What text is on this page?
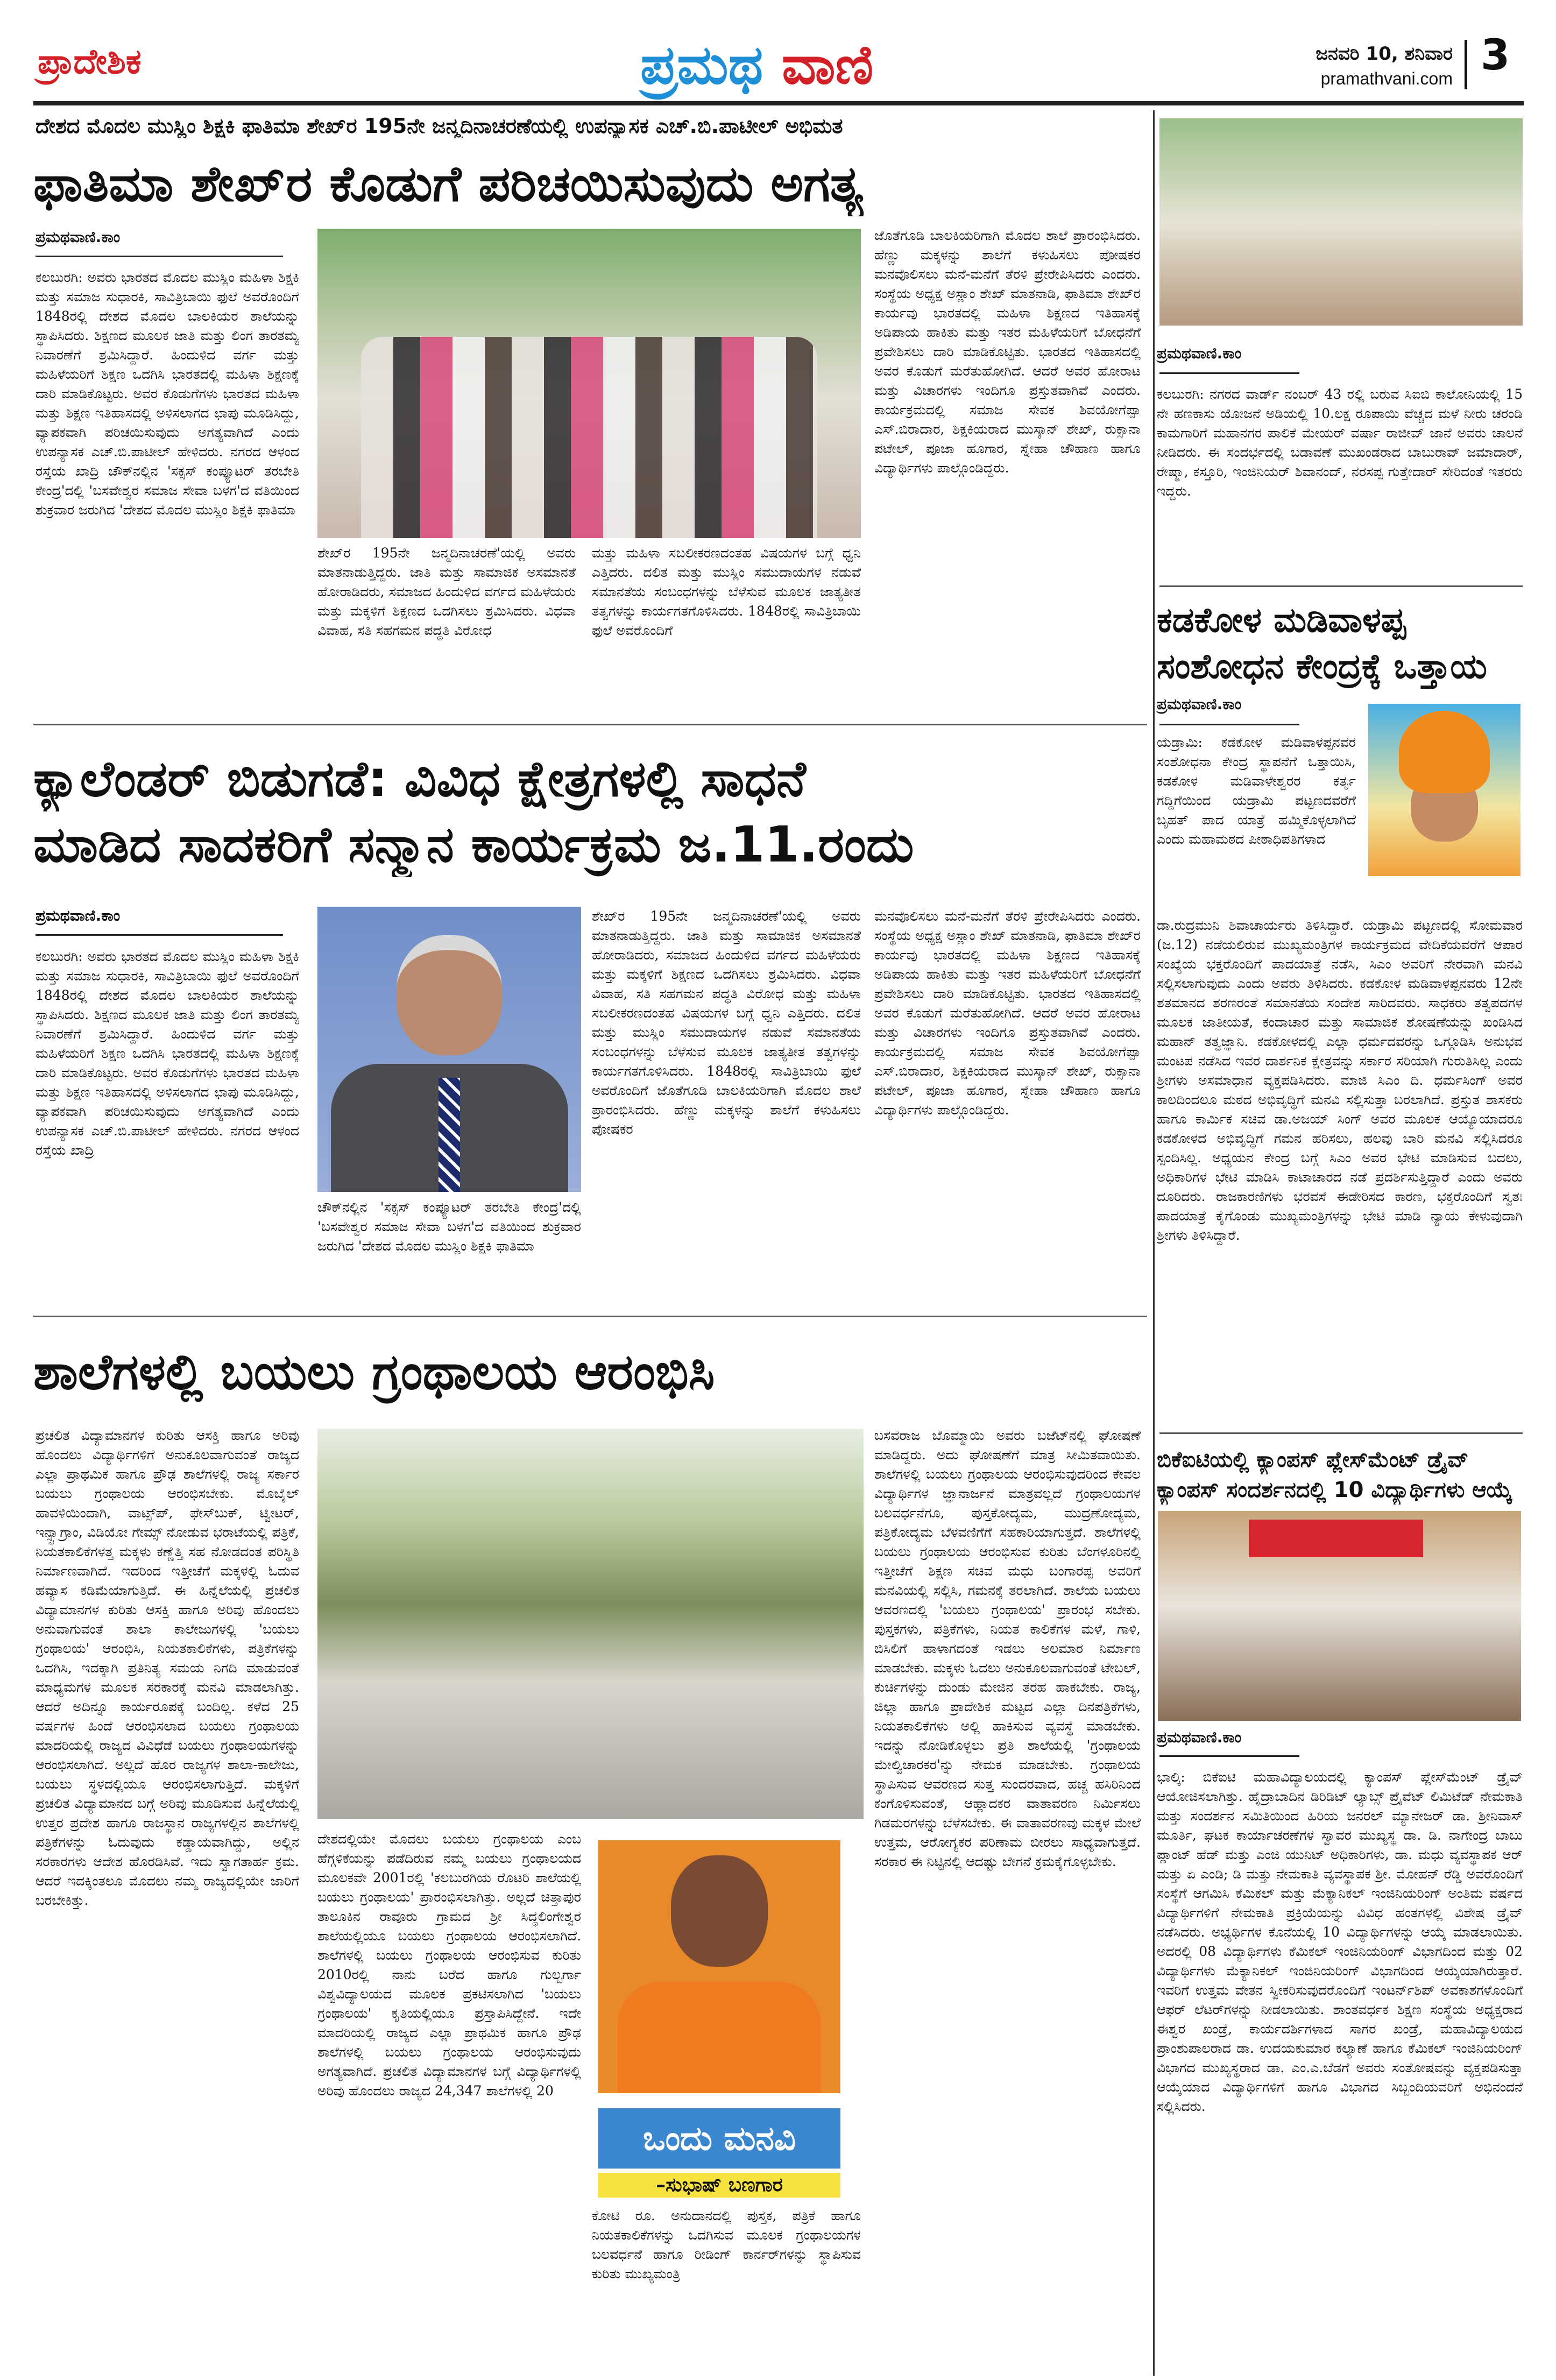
ಪ್ರಾದೇಶಿಕ	ಪ್ರಮಥ ವಾಣಿ	ಜನವರಿ 10, ಶನಿವಾರ
pramathvani.com 3
ದೇಶದ ಮೊದಲ ಮುಸ್ಲಿಂ ಶಿಕ್ಷಕಿ ಫಾತಿಮಾ ಶೇಖ್‌ರ 195ನೇ ಜನ್ಮದಿನಾಚರಣೆಯಲ್ಲಿ ಉಪನ್ಯಾಸಕ ಎಚ್.ಬಿ.ಪಾಟೀಲ್ ಅಭಿಮತ
ಫಾತಿಮಾ ಶೇಖ್‌ರ ಕೊಡುಗೆ ಪರಿಚಯಿಸುವುದು ಅಗತ್ಯ
ಪ್ರಮಥವಾಣಿ.ಕಾಂ
ಕಲಬುರಗಿ: ಅವರು ಭಾರತದ ಮೊದಲ ಮುಸ್ಲಿಂ ಮಹಿಳಾ ಶಿಕ್ಷಕಿ ಮತ್ತು ಸಮಾಜ ಸುಧಾರಕಿ, ಸಾವಿತ್ರಿಬಾಯಿ ಫುಲೆ ಅವರೊಂದಿಗೆ 1848ರಲ್ಲಿ ದೇಶದ ಮೊದಲ ಬಾಲಕಿಯರ ಶಾಲೆಯನ್ನು ಸ್ಥಾಪಿಸಿದರು. ಶಿಕ್ಷಣದ ಮೂಲಕ ಜಾತಿ ಮತ್ತು ಲಿಂಗ ತಾರತಮ್ಯ ನಿವಾರಣೆಗೆ ಶ್ರಮಿಸಿದ್ದಾರೆ. ಹಿಂದುಳಿದ ವರ್ಗ ಮತ್ತು ಮಹಿಳೆಯರಿಗೆ ಶಿಕ್ಷಣ ಒದಗಿಸಿ ಭಾರತದಲ್ಲಿ ಮಹಿಳಾ ಶಿಕ್ಷಣಕ್ಕೆ ದಾರಿ ಮಾಡಿಕೊಟ್ಟರು. ಅವರ ಕೊಡುಗೆಗಳು ಭಾರತದ ಮಹಿಳಾ ಮತ್ತು ಶಿಕ್ಷಣ ಇತಿಹಾಸದಲ್ಲಿ ಅಳಿಸಲಾಗದ ಛಾಪು ಮೂಡಿಸಿದ್ದು, ವ್ಯಾಪಕವಾಗಿ ಪರಿಚಯಿಸುವುದು ಅಗತ್ಯವಾಗಿದೆ ಎಂದು ಉಪನ್ಯಾಸಕ ಎಚ್.ಬಿ.ಪಾಟೀಲ್ ಹೇಳಿದರು. ನಗರದ ಆಳಂದ ರಸ್ತೆಯ ಖಾದ್ರಿ ಚೌಕ್‌ನಲ್ಲಿನ 'ಸಕ್ಸಸ್ ಕಂಪ್ಯೂಟರ್ ತರಬೇತಿ ಕೇಂದ್ರ'ದಲ್ಲಿ 'ಬಸವೇಶ್ವರ ಸಮಾಜ ಸೇವಾ ಬಳಗ'ದ ವತಿಯಿಂದ ಶುಕ್ರವಾರ ಜರುಗಿದ 'ದೇಶದ ಮೊದಲ ಮುಸ್ಲಿಂ ಶಿಕ್ಷಕಿ ಫಾತಿಮಾ
ಶೇಖ್‌ರ 195ನೇ ಜನ್ಮದಿನಾಚರಣೆ'ಯಲ್ಲಿ ಅವರು ಮಾತನಾಡುತ್ತಿದ್ದರು. ಜಾತಿ ಮತ್ತು ಸಾಮಾಜಿಕ ಅಸಮಾನತೆ ಹೋರಾಡಿದರು, ಸಮಾಜದ ಹಿಂದುಳಿದ ವರ್ಗದ ಮಹಿಳೆಯರು ಮತ್ತು ಮಕ್ಕಳಿಗೆ ಶಿಕ್ಷಣದ ಒದಗಿಸಲು ಶ್ರಮಿಸಿದರು. ವಿಧವಾ ವಿವಾಹ, ಸತಿ ಸಹಗಮನ ಪದ್ಧತಿ ವಿರೋಧ
ಮತ್ತು ಮಹಿಳಾ ಸಬಲೀಕರಣದಂತಹ ವಿಷಯಗಳ ಬಗ್ಗೆ ಧ್ವನಿ ಎತ್ತಿದರು. ದಲಿತ ಮತ್ತು ಮುಸ್ಲಿಂ ಸಮುದಾಯಗಳ ನಡುವೆ ಸಮಾನತೆಯ ಸಂಬಂಧಗಳನ್ನು ಬೆಳೆಸುವ ಮೂಲಕ ಜಾತ್ಯತೀತ ತತ್ವಗಳನ್ನು ಕಾರ್ಯಗತಗೊಳಿಸಿದರು. 1848ರಲ್ಲಿ ಸಾವಿತ್ರಿಬಾಯಿ ಫುಲೆ ಅವರೊಂದಿಗೆ
ಜೊತೆಗೂಡಿ ಬಾಲಕಿಯರಿಗಾಗಿ ಮೊದಲ ಶಾಲೆ ಪ್ರಾರಂಭಿಸಿದರು. ಹೆಣ್ಣು ಮಕ್ಕಳನ್ನು ಶಾಲೆಗೆ ಕಳುಹಿಸಲು ಪೋಷಕರ ಮನವೊಲಿಸಲು ಮನೆ-ಮನೆಗೆ ತೆರಳಿ ಪ್ರೇರೇಪಿಸಿದರು ಎಂದರು. ಸಂಸ್ಥೆಯ ಅಧ್ಯಕ್ಷ ಅಸ್ಲಾಂ ಶೇಖ್ ಮಾತನಾಡಿ, ಫಾತಿಮಾ ಶೇಖ್‌ರ ಕಾರ್ಯವು ಭಾರತದಲ್ಲಿ ಮಹಿಳಾ ಶಿಕ್ಷಣದ ಇತಿಹಾಸಕ್ಕೆ ಅಡಿಪಾಯ ಹಾಕಿತು ಮತ್ತು ಇತರ ಮಹಿಳೆಯರಿಗೆ ಬೋಧನೆಗೆ ಪ್ರವೇಶಿಸಲು ದಾರಿ ಮಾಡಿಕೊಟ್ಟಿತು. ಭಾರತದ ಇತಿಹಾಸದಲ್ಲಿ ಅವರ ಕೊಡುಗೆ ಮರೆತುಹೋಗಿದೆ. ಆದರೆ ಅವರ ಹೋರಾಟ ಮತ್ತು ವಿಚಾರಗಳು ಇಂದಿಗೂ ಪ್ರಸ್ತುತವಾಗಿವೆ ಎಂದರು. ಕಾರ್ಯಕ್ರಮದಲ್ಲಿ ಸಮಾಜ ಸೇವಕ ಶಿವಯೋಗೆಪ್ಪಾ ಎಸ್.ಬಿರಾದಾರ, ಶಿಕ್ಷಕಿಯರಾದ ಮುಸ್ಕಾನ್ ಶೇಖ್, ರುಕ್ಸಾನಾ ಪಟೇಲ್, ಪೂಜಾ ಹೂಗಾರ, ಸ್ನೇಹಾ ಚೌಹಾಣ ಹಾಗೂ ವಿದ್ಯಾರ್ಥಿಗಳು ಪಾಲ್ಗೊಂಡಿದ್ದರು.
ಕ್ಯಾಲೆಂಡರ್ ಬಿಡುಗಡೆ: ವಿವಿಧ ಕ್ಷೇತ್ರಗಳಲ್ಲಿ ಸಾಧನೆ
ಮಾಡಿದ ಸಾದಕರಿಗೆ ಸನ್ಮಾನ ಕಾರ್ಯಕ್ರಮ ಜ.11.ರಂದು
ಪ್ರಮಥವಾಣಿ.ಕಾಂ
ಕಲಬುರಗಿ: ಅವರು ಭಾರತದ ಮೊದಲ ಮುಸ್ಲಿಂ ಮಹಿಳಾ ಶಿಕ್ಷಕಿ ಮತ್ತು ಸಮಾಜ ಸುಧಾರಕಿ, ಸಾವಿತ್ರಿಬಾಯಿ ಫುಲೆ ಅವರೊಂದಿಗೆ 1848ರಲ್ಲಿ ದೇಶದ ಮೊದಲ ಬಾಲಕಿಯರ ಶಾಲೆಯನ್ನು ಸ್ಥಾಪಿಸಿದರು. ಶಿಕ್ಷಣದ ಮೂಲಕ ಜಾತಿ ಮತ್ತು ಲಿಂಗ ತಾರತಮ್ಯ ನಿವಾರಣೆಗೆ ಶ್ರಮಿಸಿದ್ದಾರೆ. ಹಿಂದುಳಿದ ವರ್ಗ ಮತ್ತು ಮಹಿಳೆಯರಿಗೆ ಶಿಕ್ಷಣ ಒದಗಿಸಿ ಭಾರತದಲ್ಲಿ ಮಹಿಳಾ ಶಿಕ್ಷಣಕ್ಕೆ ದಾರಿ ಮಾಡಿಕೊಟ್ಟರು. ಅವರ ಕೊಡುಗೆಗಳು ಭಾರತದ ಮಹಿಳಾ ಮತ್ತು ಶಿಕ್ಷಣ ಇತಿಹಾಸದಲ್ಲಿ ಅಳಿಸಲಾಗದ ಛಾಪು ಮೂಡಿಸಿದ್ದು, ವ್ಯಾಪಕವಾಗಿ ಪರಿಚಯಿಸುವುದು ಅಗತ್ಯವಾಗಿದೆ ಎಂದು ಉಪನ್ಯಾಸಕ ಎಚ್.ಬಿ.ಪಾಟೀಲ್ ಹೇಳಿದರು. ನಗರದ ಆಳಂದ ರಸ್ತೆಯ ಖಾದ್ರಿ
ಚೌಕ್‌ನಲ್ಲಿನ 'ಸಕ್ಸಸ್ ಕಂಪ್ಯೂಟರ್ ತರಬೇತಿ ಕೇಂದ್ರ'ದಲ್ಲಿ 'ಬಸವೇಶ್ವರ ಸಮಾಜ ಸೇವಾ ಬಳಗ'ದ ವತಿಯಿಂದ ಶುಕ್ರವಾರ ಜರುಗಿದ 'ದೇಶದ ಮೊದಲ ಮುಸ್ಲಿಂ ಶಿಕ್ಷಕಿ ಫಾತಿಮಾ
ಶೇಖ್‌ರ 195ನೇ ಜನ್ಮದಿನಾಚರಣೆ'ಯಲ್ಲಿ ಅವರು ಮಾತನಾಡುತ್ತಿದ್ದರು. ಜಾತಿ ಮತ್ತು ಸಾಮಾಜಿಕ ಅಸಮಾನತೆ ಹೋರಾಡಿದರು, ಸಮಾಜದ ಹಿಂದುಳಿದ ವರ್ಗದ ಮಹಿಳೆಯರು ಮತ್ತು ಮಕ್ಕಳಿಗೆ ಶಿಕ್ಷಣದ ಒದಗಿಸಲು ಶ್ರಮಿಸಿದರು. ವಿಧವಾ ವಿವಾಹ, ಸತಿ ಸಹಗಮನ ಪದ್ಧತಿ ವಿರೋಧ ಮತ್ತು ಮಹಿಳಾ ಸಬಲೀಕರಣದಂತಹ ವಿಷಯಗಳ ಬಗ್ಗೆ ಧ್ವನಿ ಎತ್ತಿದರು. ದಲಿತ ಮತ್ತು ಮುಸ್ಲಿಂ ಸಮುದಾಯಗಳ ನಡುವೆ ಸಮಾನತೆಯ ಸಂಬಂಧಗಳನ್ನು ಬೆಳೆಸುವ ಮೂಲಕ ಜಾತ್ಯತೀತ ತತ್ವಗಳನ್ನು ಕಾರ್ಯಗತಗೊಳಿಸಿದರು. 1848ರಲ್ಲಿ ಸಾವಿತ್ರಿಬಾಯಿ ಫುಲೆ ಅವರೊಂದಿಗೆ ಜೊತೆಗೂಡಿ ಬಾಲಕಿಯರಿಗಾಗಿ ಮೊದಲ ಶಾಲೆ ಪ್ರಾರಂಭಿಸಿದರು. ಹೆಣ್ಣು ಮಕ್ಕಳನ್ನು ಶಾಲೆಗೆ ಕಳುಹಿಸಲು ಪೋಷಕರ
ಮನವೊಲಿಸಲು ಮನೆ-ಮನೆಗೆ ತೆರಳಿ ಪ್ರೇರೇಪಿಸಿದರು ಎಂದರು. ಸಂಸ್ಥೆಯ ಅಧ್ಯಕ್ಷ ಅಸ್ಲಾಂ ಶೇಖ್ ಮಾತನಾಡಿ, ಫಾತಿಮಾ ಶೇಖ್‌ರ ಕಾರ್ಯವು ಭಾರತದಲ್ಲಿ ಮಹಿಳಾ ಶಿಕ್ಷಣದ ಇತಿಹಾಸಕ್ಕೆ ಅಡಿಪಾಯ ಹಾಕಿತು ಮತ್ತು ಇತರ ಮಹಿಳೆಯರಿಗೆ ಬೋಧನೆಗೆ ಪ್ರವೇಶಿಸಲು ದಾರಿ ಮಾಡಿಕೊಟ್ಟಿತು. ಭಾರತದ ಇತಿಹಾಸದಲ್ಲಿ ಅವರ ಕೊಡುಗೆ ಮರೆತುಹೋಗಿದೆ. ಆದರೆ ಅವರ ಹೋರಾಟ ಮತ್ತು ವಿಚಾರಗಳು ಇಂದಿಗೂ ಪ್ರಸ್ತುತವಾಗಿವೆ ಎಂದರು. ಕಾರ್ಯಕ್ರಮದಲ್ಲಿ ಸಮಾಜ ಸೇವಕ ಶಿವಯೋಗೆಪ್ಪಾ ಎಸ್.ಬಿರಾದಾರ, ಶಿಕ್ಷಕಿಯರಾದ ಮುಸ್ಕಾನ್ ಶೇಖ್, ರುಕ್ಸಾನಾ ಪಟೇಲ್, ಪೂಜಾ ಹೂಗಾರ, ಸ್ನೇಹಾ ಚೌಹಾಣ ಹಾಗೂ ವಿದ್ಯಾರ್ಥಿಗಳು ಪಾಲ್ಗೊಂಡಿದ್ದರು.
ಶಾಲೆಗಳಲ್ಲಿ ಬಯಲು ಗ್ರಂಥಾಲಯ ಆರಂಭಿಸಿ
ಪ್ರಚಲಿತ ವಿದ್ಯಾಮಾನಗಳ ಕುರಿತು ಆಸಕ್ತಿ ಹಾಗೂ ಅರಿವು ಹೊಂದಲು ವಿದ್ಯಾರ್ಥಿಗಳಿಗೆ ಅನುಕೂಲವಾಗುವಂತೆ ರಾಜ್ಯದ ಎಲ್ಲಾ ಪ್ರಾಥಮಿಕ ಹಾಗೂ ಪ್ರೌಢ ಶಾಲೆಗಳಲ್ಲಿ ರಾಜ್ಯ ಸರ್ಕಾರ ಬಯಲು ಗ್ರಂಥಾಲಯ ಆರಂಭಿಸಬೇಕು. ಮೊಬೈಲ್ ಹಾವಳಿಯಿಂದಾಗಿ, ವಾಟ್ಸ್‌ಪ್, ಫೇಸ್‌ಬುಕ್, ಟ್ವೀಟರ್, ಇನ್ಸ್ಟಾಗ್ರಾಂ, ವಿಡಿಯೋ ಗೇಮ್ಸ್ ನೋಡುವ ಭರಾಟೆಯಲ್ಲಿ ಪತ್ರಿಕೆ, ನಿಯತಕಾಲಿಕೆಗಳತ್ತ ಮಕ್ಕಳು ಕಣ್ಣೆತ್ತಿ ಸಹ ನೋಡದಂತ ಪರಿಸ್ಥಿತಿ ನಿರ್ಮಾಣವಾಗಿದೆ. ಇದರಿಂದ ಇತ್ತೀಚೆಗೆ ಮಕ್ಕಳಲ್ಲಿ ಓದುವ ಹವ್ಯಾಸ ಕಡಿಮೆಯಾಗುತ್ತಿದೆ. ಈ ಹಿನ್ನೆಲೆಯಲ್ಲಿ ಪ್ರಚಲಿತ ವಿದ್ಯಾಮಾನಗಳ ಕುರಿತು ಆಸಕ್ತಿ ಹಾಗೂ ಅರಿವು ಹೊಂದಲು ಅನುವಾಗುವಂತೆ ಶಾಲಾ ಕಾಲೇಜುಗಳಲ್ಲಿ 'ಬಯಲು ಗ್ರಂಥಾಲಯ' ಆರಂಭಿಸಿ, ನಿಯತಕಾಲಿಕೆಗಳು, ಪತ್ರಿಕೆಗಳನ್ನು ಒದಗಿಸಿ, ಇದಕ್ಕಾಗಿ ಪ್ರತಿನಿತ್ಯ ಸಮಯ ನಿಗದಿ ಮಾಡುವಂತೆ ಮಾಧ್ಯಮಗಳ ಮೂಲಕ ಸರಕಾರಕ್ಕೆ ಮನವಿ ಮಾಡಲಾಗಿತ್ತು. ಆದರೆ ಅದಿನ್ನೂ ಕಾರ್ಯರೂಪಕ್ಕೆ ಬಂದಿಲ್ಲ. ಕಳೆದ 25 ವರ್ಷಗಳ ಹಿಂದೆ ಆರಂಭಿಸಲಾದ ಬಯಲು ಗ್ರಂಥಾಲಯ ಮಾದರಿಯಲ್ಲಿ ರಾಜ್ಯದ ವಿವಿಧೆಡೆ ಬಯಲು ಗ್ರಂಥಾಲಯಗಳನ್ನು ಆರಂಭಿಸಲಾಗಿದೆ. ಅಲ್ಲದೆ ಹೊರ ರಾಜ್ಯಗಳ ಶಾಲಾ-ಕಾಲೇಜು, ಬಯಲು ಸ್ಥಳದಲ್ಲಿಯೂ ಆರಂಭಿಸಲಾಗುತ್ತಿದೆ. ಮಕ್ಕಳಿಗೆ ಪ್ರಚಲಿತ ವಿದ್ಯಾಮಾನದ ಬಗ್ಗೆ ಅರಿವು ಮೂಡಿಸುವ ಹಿನ್ನೆಲೆಯಲ್ಲಿ ಉತ್ತರ ಪ್ರದೇಶ ಹಾಗೂ ರಾಜಸ್ಥಾನ ರಾಜ್ಯಗಳಲ್ಲಿನ ಶಾಲೆಗಳಲ್ಲಿ ಪತ್ರಿಕೆಗಳನ್ನು ಓದುವುದು ಕಡ್ಡಾಯವಾಗಿದ್ದು, ಅಲ್ಲಿನ ಸರಕಾರಗಳು ಆದೇಶ ಹೊರಡಿಸಿವೆ. ಇದು ಸ್ವಾಗತಾರ್ಹ ಕ್ರಮ. ಆದರೆ ಇದಕ್ಕಿಂತಲೂ ಮೊದಲು ನಮ್ಮ ರಾಜ್ಯದಲ್ಲಿಯೇ ಜಾರಿಗೆ ಬರಬೇಕಿತ್ತು.
ದೇಶದಲ್ಲಿಯೇ ಮೊದಲು ಬಯಲು ಗ್ರಂಥಾಲಯ ಎಂಬ ಹೆಗ್ಗಳಿಕೆಯನ್ನು ಪಡೆದಿರುವ ನಮ್ಮ ಬಯಲು ಗ್ರಂಥಾಲಯದ ಮೂಲಕವೇ 2001ರಲ್ಲಿ 'ಕಲಬುರಗಿಯ ರೊಟರಿ ಶಾಲೆಯಲ್ಲಿ ಬಯಲು ಗ್ರಂಥಾಲಯ' ಪ್ರಾರಂಭಿಸಲಾಗಿತ್ತು. ಅಲ್ಲದೆ ಚಿತ್ತಾಪುರ ತಾಲೂಕಿನ ರಾವೂರು ಗ್ರಾಮದ ಶ್ರೀ ಸಿದ್ಧಲಿಂಗೇಶ್ವರ ಶಾಲೆಯಲ್ಲಿಯೂ ಬಯಲು ಗ್ರಂಥಾಲಯ ಆರಂಭಿಸಲಾಗಿದೆ. ಶಾಲೆಗಳಲ್ಲಿ ಬಯಲು ಗ್ರಂಥಾಲಯ ಆರಂಭಿಸುವ ಕುರಿತು 2010ರಲ್ಲಿ ನಾನು ಬರೆದ ಹಾಗೂ ಗುಲ್ಬರ್ಗಾ ವಿಶ್ವವಿದ್ಯಾಲಯದ ಮೂಲಕ ಪ್ರಕಟಿಸಲಾಗಿದ 'ಬಯಲು ಗ್ರಂಥಾಲಯ' ಕೃತಿಯಲ್ಲಿಯೂ ಪ್ರಸ್ತಾಪಿಸಿದ್ದೇನೆ. ಇದೇ ಮಾದರಿಯಲ್ಲಿ ರಾಜ್ಯದ ಎಲ್ಲಾ ಪ್ರಾಥಮಿಕ ಹಾಗೂ ಪ್ರೌಢ ಶಾಲೆಗಳಲ್ಲಿ ಬಯಲು ಗ್ರಂಥಾಲಯ ಆರಂಭಿಸುವುದು ಅಗತ್ಯವಾಗಿದೆ. ಪ್ರಚಲಿತ ವಿದ್ಯಾಮಾನಗಳ ಬಗ್ಗೆ ವಿದ್ಯಾರ್ಥಿಗಳಲ್ಲಿ ಅರಿವು ಹೊಂದಲು ರಾಜ್ಯದ 24,347 ಶಾಲೆಗಳಲ್ಲಿ 20
ಒಂದು ಮನವಿ
–ಸುಭಾಷ್ ಬಣಗಾರ
ಕೋಟಿ ರೂ. ಅನುದಾನದಲ್ಲಿ ಪುಸ್ತಕ, ಪತ್ರಿಕೆ ಹಾಗೂ ನಿಯತಕಾಲಿಕೆಗಳನ್ನು ಒದಗಿಸುವ ಮೂಲಕ ಗ್ರಂಥಾಲಯಗಳ ಬಲವರ್ಧನೆ ಹಾಗೂ ರೀಡಿಂಗ್ ಕಾರ್ನರ್‌ಗಳನ್ನು ಸ್ಥಾಪಿಸುವ ಕುರಿತು ಮುಖ್ಯಮಂತ್ರಿ
ಬಸವರಾಜ ಬೊಮ್ಮಾಯಿ ಅವರು ಬಜೆಟ್‌ನಲ್ಲಿ ಘೋಷಣೆ ಮಾಡಿದ್ದರು. ಅದು ಘೋಷಣೆಗೆ ಮಾತ್ರ ಸೀಮಿತವಾಯಿತು. ಶಾಲೆಗಳಲ್ಲಿ ಬಯಲು ಗ್ರಂಥಾಲಯ ಆರಂಭಿಸುವುದರಿಂದ ಕೇವಲ ವಿದ್ಯಾರ್ಥಿಗಳ ಜ್ಞಾನಾರ್ಜನೆ ಮಾತ್ರವಲ್ಲದೆ ಗ್ರಂಥಾಲಯಗಳ ಬಲವರ್ಧನೆಗೂ, ಪುಸ್ತಕೋದ್ಯಮ, ಮುದ್ರಣೋದ್ಯಮ, ಪತ್ರಿಕೋದ್ಯಮ ಬೆಳವಣಿಗೆಗೆ ಸಹಕಾರಿಯಾಗುತ್ತದೆ. ಶಾಲೆಗಳಲ್ಲಿ ಬಯಲು ಗ್ರಂಥಾಲಯ ಆರಂಭಿಸುವ ಕುರಿತು ಬೆಂಗಳೂರಿನಲ್ಲಿ ಇತ್ತೀಚೆಗೆ ಶಿಕ್ಷಣ ಸಚಿವ ಮಧು ಬಂಗಾರಪ್ಪ ಅವರಿಗೆ ಮನವಿಯಲ್ಲಿ ಸಲ್ಲಿಸಿ, ಗಮನಕ್ಕೆ ತರಲಾಗಿದೆ. ಶಾಲೆಯ ಬಯಲು ಆವರಣದಲ್ಲಿ 'ಬಯಲು ಗ್ರಂಥಾಲಯ' ಪ್ರಾರಂಭ ಸಬೇಕು. ಪುಸ್ತಕಗಳು, ಪತ್ರಿಕೆಗಳು, ನಿಯತ ಕಾಲಿಕೆಗಳ ಮಳೆ, ಗಾಳಿ, ಬಿಸಿಲಿಗೆ ಹಾಳಾಗದಂತೆ ಇಡಲು ಅಲಮಾರ ನಿರ್ಮಾಣ ಮಾಡಬೇಕು. ಮಕ್ಕಳು ಓದಲು ಅನುಕೂಲವಾಗುವಂತೆ ಟೇಬಲ್, ಕುರ್ಚಿಗಳನ್ನು ದುಂಡು ಮೇಜಿನ ತರಹ ಹಾಕಬೇಕು. ರಾಜ್ಯ, ಜಿಲ್ಲಾ ಹಾಗೂ ಪ್ರಾದೇಶಿಕ ಮಟ್ಟದ ಎಲ್ಲಾ ದಿನಪತ್ರಿಕೆಗಳು, ನಿಯತಕಾಲಿಕೆಗಳು ಅಲ್ಲಿ ಹಾಕಿಸುವ ವ್ಯವಸ್ಥೆ ಮಾಡಬೇಕು. ಇದನ್ನು ನೋಡಿಕೊಳ್ಳಲು ಪ್ರತಿ ಶಾಲೆಯಲ್ಲಿ 'ಗ್ರಂಥಾಲಯ ಮೇಲ್ವಿಚಾರಕರ'ನ್ನು ನೇಮಕ ಮಾಡಬೇಕು. ಗ್ರಂಥಾಲಯ ಸ್ಥಾಪಿಸುವ ಆವರಣದ ಸುತ್ತ ಸುಂದರವಾದ, ಹಚ್ಚ ಹಸಿರಿನಿಂದ ಕಂಗೊಳಿಸುವಂತೆ, ಆಹ್ಲಾದಕರ ವಾತಾವರಣ ನಿರ್ಮಿಸಲು ಗಿಡಮರಗಳನ್ನು ಬೆಳೆಸಬೇಕು. ಈ ವಾತಾವರಣವು ಮಕ್ಕಳ ಮೇಲೆ ಉತ್ತಮ, ಆರೋಗ್ಯಕರ ಪರಿಣಾಮ ಬೀರಲು ಸಾಧ್ಯವಾಗುತ್ತದೆ. ಸರಕಾರ ಈ ನಿಟ್ಟಿನಲ್ಲಿ ಆದಷ್ಟು ಬೇಗನೆ ಕ್ರಮಕೈಗೊಳ್ಳಬೇಕು.
ಪ್ರಮಥವಾಣಿ.ಕಾಂ
ಕಲಬುರಗಿ: ನಗರದ ವಾರ್ಡ್ ನಂಬರ್ 43 ರಲ್ಲಿ ಬರುವ ಸಿಐಬಿ ಕಾಲೋನಿಯಲ್ಲಿ 15 ನೇ ಹಣಕಾಸು ಯೋಜನೆ ಅಡಿಯಲ್ಲಿ 10.ಲಕ್ಷ ರೂಪಾಯಿ ವೆಚ್ಚದ ಮಳೆ ನೀರು ಚರಂಡಿ ಕಾಮಗಾರಿಗೆ ಮಹಾನಗರ ಪಾಲಿಕೆ ಮೇಯರ್ ವರ್ಷಾ ರಾಜೀವ್ ಜಾನೆ ಅವರು ಚಾಲನೆ ನೀಡಿದರು. ಈ ಸಂದರ್ಭದಲ್ಲಿ ಬಡಾವಣೆ ಮುಖಂಡರಾದ ಬಾಬುರಾವ್ ಜಮಾದಾರ್, ರೇಷ್ಮಾ, ಕಸ್ತೂರಿ, ಇಂಜಿನಿಯರ್ ಶಿವಾನಂದ್, ನರಸಪ್ಪ ಗುತ್ತೇದಾರ್ ಸೇರಿದಂತೆ ಇತರರು ಇದ್ದರು.
ಕಡಕೋಳ ಮಡಿವಾಳಪ್ಪ ಸಂಶೋಧನ ಕೇಂದ್ರಕ್ಕೆ ಒತ್ತಾಯ
ಪ್ರಮಥವಾಣಿ.ಕಾಂ
ಯಡ್ರಾಮಿ: ಕಡಕೋಳ ಮಡಿವಾಳಪ್ಪನವರ ಸಂಶೋಧನಾ ಕೇಂದ್ರ ಸ್ಥಾಪನೆಗೆ ಒತ್ತಾಯಿಸಿ, ಕಡಕೋಳ ಮಡಿವಾಳೇಶ್ವರರ ಕರ್ತೃ ಗದ್ದಿಗೆಯಿಂದ ಯಡ್ರಾಮಿ ಪಟ್ಟಣದವರೆಗೆ ಬೃಹತ್ ಪಾದ ಯಾತ್ರೆ ಹಮ್ಮಿಕೊಳ್ಳಲಾಗಿದೆ ಎಂದು ಮಹಾಮಠದ ಪೀಠಾಧಿಪತಿಗಳಾದ
ಡಾ.ರುದ್ರಮುನಿ ಶಿವಾಚಾರ್ಯರು ತಿಳಿಸಿದ್ದಾರೆ. ಯಡ್ರಾಮಿ ಪಟ್ಟಣದಲ್ಲಿ ಸೋಮವಾರ (ಜ.12) ನಡೆಯಲಿರುವ ಮುಖ್ಯಮಂತ್ರಿಗಳ ಕಾರ್ಯಕ್ರಮದ ವೇದಿಕೆಯವರೆಗೆ ಆಪಾರ ಸಂಖ್ಯೆಯ ಭಕ್ತರೊಂದಿಗೆ ಪಾದಯಾತ್ರೆ ನಡೆಸಿ, ಸಿಎಂ ಅವರಿಗೆ ನೇರವಾಗಿ ಮನವಿ ಸಲ್ಲಿಸಲಾಗುವುದು ಎಂದು ಅವರು ತಿಳಿಸಿದರು. ಕಡಕೋಳ ಮಡಿವಾಳಪ್ಪನವರು 12ನೇ ಶತಮಾನದ ಶರಣರಂತೆ ಸಮಾನತೆಯ ಸಂದೇಶ ಸಾರಿದವರು. ಸಾಧಕರು ತತ್ವಪದಗಳ ಮೂಲಕ ಜಾತೀಯತೆ, ಕಂದಾಚಾರ ಮತ್ತು ಸಾಮಾಜಿಕ ಶೋಷಣೆಯನ್ನು ಖಂಡಿಸಿದ ಮಹಾನ್ ತತ್ವಜ್ಞಾನಿ. ಕಡಕೋಳದಲ್ಲಿ ಎಲ್ಲಾ ಧರ್ಮದವರನ್ನು ಒಗ್ಗೂಡಿಸಿ ಅನುಭವ ಮಂಟಪ ನಡೆಸಿದ ಇವರ ದಾರ್ಶನಿಕ ಕ್ಷೇತ್ರವನ್ನು ಸರ್ಕಾರ ಸರಿಯಾಗಿ ಗುರುತಿಸಿಲ್ಲ ಎಂದು ಶ್ರೀಗಳು ಅಸಮಾಧಾನ ವ್ಯಕ್ತಪಡಿಸಿದರು. ಮಾಜಿ ಸಿಎಂ ದಿ. ಧರ್ಮಸಿಂಗ್ ಅವರ ಕಾಲದಿಂದಲೂ ಮಠದ ಅಭಿವೃದ್ಧಿಗೆ ಮನವಿ ಸಲ್ಲಿಸುತ್ತಾ ಬರಲಾಗಿದೆ. ಪ್ರಸ್ತುತ ಶಾಸಕರು ಹಾಗೂ ಕಾರ್ಮಿಕ ಸಚಿವ ಡಾ.ಅಜಯ್ ಸಿಂಗ್ ಅವರ ಮೂಲಕ ಆಯ್ಯೊಯಾದರೂ ಕಡಕೋಳದ ಅಭಿವೃದ್ಧಿಗೆ ಗಮನ ಹರಿಸಲು, ಹಲವು ಬಾರಿ ಮನವಿ ಸಲ್ಲಿಸಿದರೂ ಸ್ಪಂದಿಸಿಲ್ಲ. ಅಧ್ಯಯನ ಕೇಂದ್ರ ಬಗ್ಗೆ ಸಿಎಂ ಅವರ ಭೇಟಿ ಮಾಡಿಸುವ ಬದಲು, ಅಧಿಕಾರಿಗಳ ಭೇಟಿ ಮಾಡಿಸಿ ಕಾಟಾಚಾರದ ನಡೆ ಪ್ರದರ್ಶಿಸುತ್ತಿದ್ದಾರೆ ಎಂದು ಅವರು ದೂರಿದರು. ರಾಜಕಾರಣಿಗಳು ಭರವಸೆ ಈಡೇರಿಸದ ಕಾರಣ, ಭಕ್ತರೊಂದಿಗೆ ಸ್ವತಃ ಪಾದಯಾತ್ರೆ ಕೈಗೊಂಡು ಮುಖ್ಯಮಂತ್ರಿಗಳನ್ನು ಭೇಟಿ ಮಾಡಿ ನ್ಯಾಯ ಕೇಳುವುದಾಗಿ ಶ್ರೀಗಳು ತಿಳಿಸಿದ್ದಾರೆ.
ಬಿಕೆಐಟಿಯಲ್ಲಿ ಕ್ಯಾಂಪಸ್ ಪ್ಲೇಸ್‌ಮೆಂಟ್ ಡ್ರೈವ್
ಕ್ಯಾಂಪಸ್ ಸಂದರ್ಶನದಲ್ಲಿ 10 ವಿದ್ಯಾರ್ಥಿಗಳು ಆಯ್ಕೆ
ಪ್ರಮಥವಾಣಿ.ಕಾಂ
ಭಾಲ್ಕಿ: ಬಿಕೆಐಟಿ ಮಹಾವಿದ್ಯಾಲಯದಲ್ಲಿ ಕ್ಯಾಂಪಸ್ ಪ್ಲೇಸ್‌ಮೆಂಟ್ ಡ್ರೈವ್ ಆಯೋಜಿಸಲಾಗಿತ್ತು. ಹೈದ್ರಾಬಾದಿನ ಡಿರಿಡಿಟ್ ಲ್ಯಾಬ್ಸ್ ಪ್ರೈವೆಟ್ ಲಿಮಿಟೆಡ್ ನೇಮಕಾತಿ ಮತ್ತು ಸಂದರ್ಶನ ಸಮಿತಿಯಿಂದ ಹಿರಿಯ ಜನರಲ್ ಮ್ಯಾನೇಜರ್ ಡಾ. ಶ್ರೀನಿವಾಸ್ ಮೂರ್ತಿ, ಘಟಕ ಕಾರ್ಯಾಚರಣೆಗಳ ಸ್ವಾವರ ಮುಖ್ಯಸ್ಥ ಡಾ. ಡಿ. ನಾಗೇಂದ್ರ ಬಾಬು ಪ್ಲಾಂಟ್ ಹೆಡ್ ಮತ್ತು ಎಂಜಿ ಯುನಿಟ್ ಅಧಿಕಾರಿಗಳು, ಡಾ. ಮಧು ವ್ಯವಸ್ಥಾಪಕ ಆರ್ ಮತ್ತು ಏ ಎಂಡಿ; ಡಿ ಮತ್ತು ನೇಮಕಾತಿ ವ್ಯವಸ್ಥಾಪಕ ಶ್ರೀ. ಮೋಹನ್ ರೆಡ್ಡಿ ಅವರೊಂದಿಗೆ ಸಂಸ್ಥೆಗೆ ಆಗಮಿಸಿ ಕೆಮಿಕಲ್ ಮತ್ತು ಮೆಕ್ಯಾನಿಕಲ್ ಇಂಜಿನಿಯರಿಂಗ್ ಅಂತಿಮ ವರ್ಷದ ವಿದ್ಯಾರ್ಥಿಗಳಿಗೆ ನೇಮಕಾತಿ ಪ್ರಕ್ರಿಯೆಯನ್ನು ವಿವಿಧ ಹಂತಗಳಲ್ಲಿ ವಿಶೇಷ ಡ್ರೈವ್ ನಡೆಸಿದರು. ಅಭ್ಯರ್ಥಿಗಳ ಕೊನೆಯಲ್ಲಿ 10 ವಿದ್ಯಾರ್ಥಿಗಳನ್ನು ಆಯ್ಕೆ ಮಾಡಲಾಯಿತು. ಅದರಲ್ಲಿ 08 ವಿದ್ಯಾರ್ಥಿಗಳು ಕೆಮಿಕಲ್ ಇಂಜಿನಿಯರಿಂಗ್ ವಿಭಾಗದಿಂದ ಮತ್ತು 02 ವಿದ್ಯಾರ್ಥಿಗಳು ಮೆಕ್ಯಾನಿಕಲ್ ಇಂಜಿನಿಯರಿಂಗ್ ವಿಭಾಗದಿಂದ ಆಯ್ಕೆಯಾಗಿರುತ್ತಾರೆ. ಇವರಿಗೆ ಉತ್ತಮ ವೇತನ ಸ್ವೀಕರಿಸುವುದರೊಂದಿಗೆ ಇಂಟರ್ನ್‌ಶಿಪ್ ಅವಕಾಶಗಳೊಂದಿಗೆ ಆಫರ್ ಲೆಟರ್‌ಗಳನ್ನು ನೀಡಲಾಯಿತು. ಶಾಂತವರ್ಧಕ ಶಿಕ್ಷಣ ಸಂಸ್ಥೆಯ ಅಧ್ಯಕ್ಷರಾದ ಈಶ್ವರ ಖಂಡ್ರೆ, ಕಾರ್ಯದರ್ಶಿಗಳಾದ ಸಾಗರ ಖಂಡ್ರೆ, ಮಹಾವಿದ್ಯಾಲಯದ ಪ್ರಾಂಶುಪಾಲರಾದ ಡಾ. ಉದಯಕುಮಾರ ಕಲ್ಯಾಣೆ ಹಾಗೂ ಕೆಮಿಕಲ್ ಇಂಜಿನಿಯರಿಂಗ್ ವಿಭಾಗದ ಮುಖ್ಯಸ್ಥರಾದ ಡಾ. ಎಂ.ಎ.ಬೆಡಗೆ ಅವರು ಸಂತೋಷವನ್ನು ವ್ಯಕ್ತಪಡಿಸುತ್ತಾ ಆಯ್ಕೆಯಾದ ವಿದ್ಯಾರ್ಥಿಗಳಿಗೆ ಹಾಗೂ ವಿಭಾಗದ ಸಿಬ್ಬಂದಿಯವರಿಗೆ ಅಭಿನಂದನೆ ಸಲ್ಲಿಸಿದರು.
